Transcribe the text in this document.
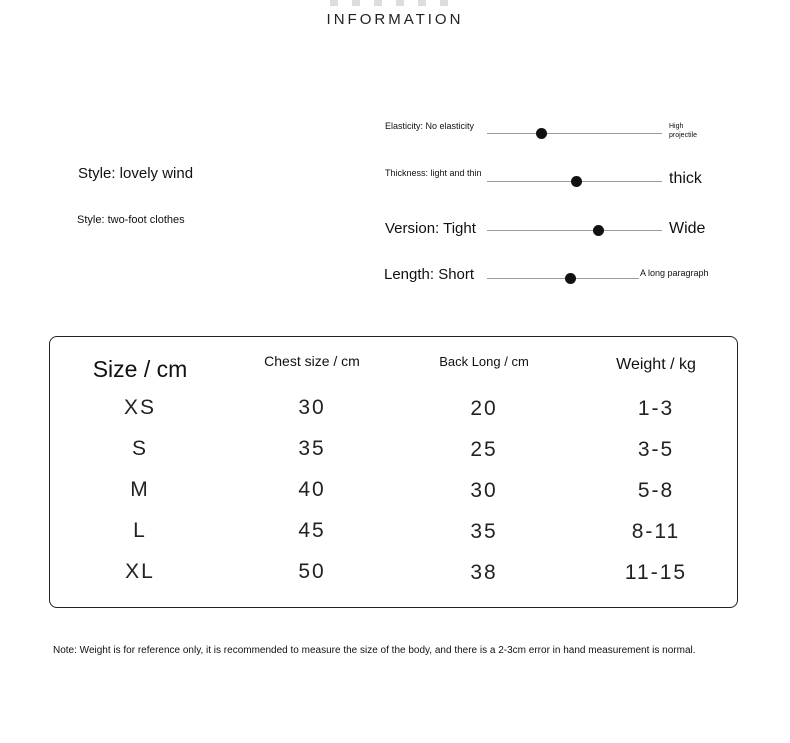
INFORMATION
Style: lovely wind
Style: two-foot clothes
Elasticity: No elasticity	High
projectile
Thickness: light and thin	thick
Version: Tight	Wide
Length: Short	A long paragraph
Size / cm	Chest size / cm	Back Long / cm	Weight / kg
XS	30	20	1-3
S	35	25	3-5
M	40	30	5-8
L	45	35	8-11
XL	50	38	11-15
Note: Weight is for reference only, it is recommended to measure the size of the body, and there is a 2-3cm error in hand measurement is normal.
